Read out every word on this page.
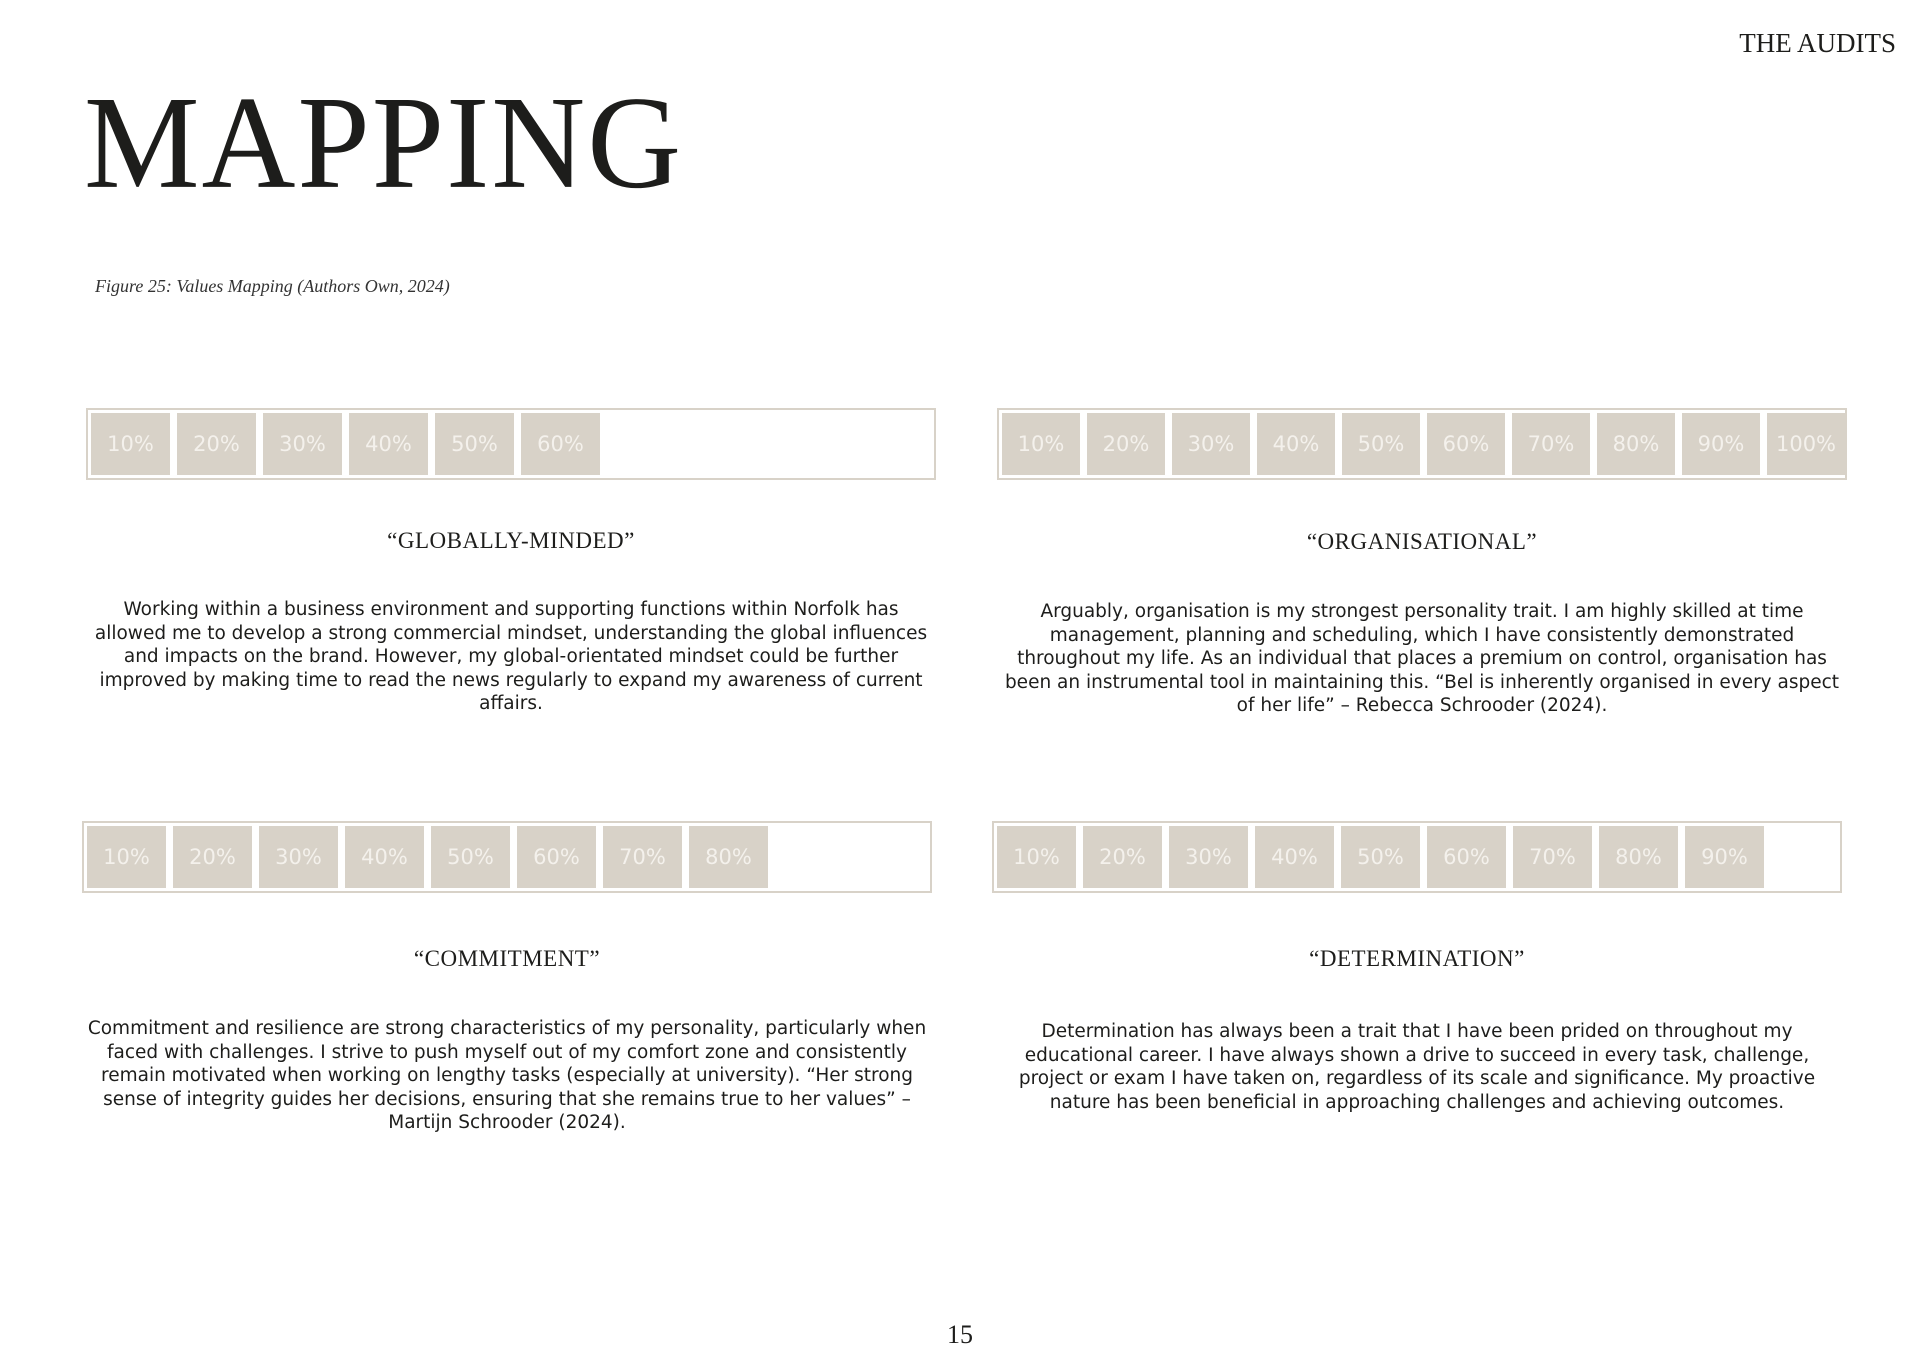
THE AUDITS
MAPPING
Figure 25: Values Mapping (Authors Own, 2024)
10%	20%	30%	40%	50%	60%
“GLOBALLY-MINDED”
Working within a business environment and supporting functions within Norfolk has allowed me to develop a strong commercial mindset, understanding the global influences and impacts on the brand. However, my global-orientated mindset could be further improved by making time to read the news regularly to expand my awareness of current affairs.
10%	20%	30%	40%	50%	60%	70%	80%	90%	100%
“ORGANISATIONAL”
Arguably, organisation is my strongest personality trait. I am highly skilled at time management, planning and scheduling, which I have consistently demonstrated throughout my life. As an individual that places a premium on control, organisation has been an instrumental tool in maintaining this. “Bel is inherently organised in every aspect of her life” – Rebecca Schrooder (2024).
10%	20%	30%	40%	50%	60%	70%	80%
“COMMITMENT”
Commitment and resilience are strong characteristics of my personality, particularly when faced with challenges. I strive to push myself out of my comfort zone and consistently remain motivated when working on lengthy tasks (especially at university). “Her strong sense of integrity guides her decisions, ensuring that she remains true to her values” – Martijn Schrooder (2024).
10%	20%	30%	40%	50%	60%	70%	80%	90%
“DETERMINATION”
Determination has always been a trait that I have been prided on throughout my educational career. I have always shown a drive to succeed in every task, challenge, project or exam I have taken on, regardless of its scale and significance. My proactive nature has been beneficial in approaching challenges and achieving outcomes.
15
